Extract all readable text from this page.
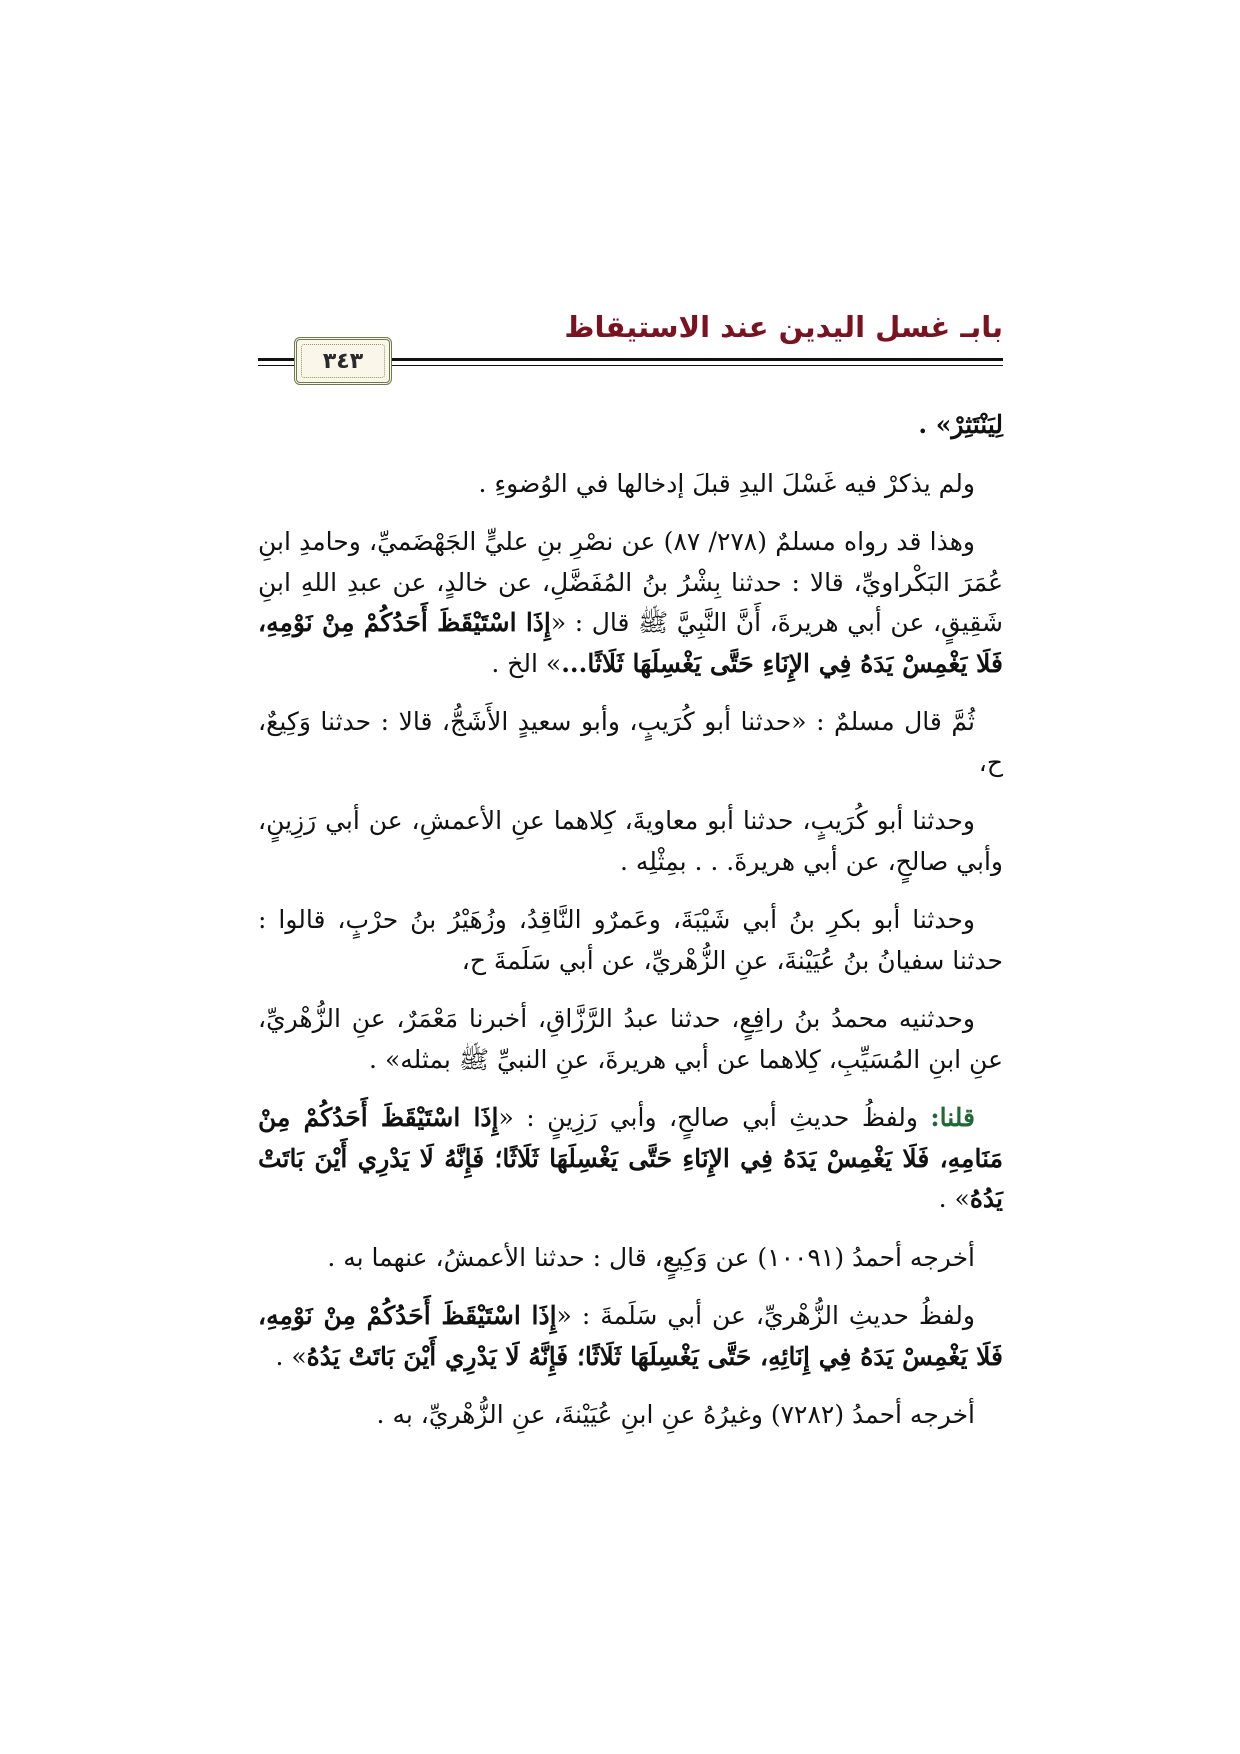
بابـ غسل اليدين عند الاستيقاظ
٣٤٣

لِيَنْتَثِرْ» .

ولم يذكرْ فيه غَسْلَ اليدِ قبلَ إدخالها في الوُضوءِ .

وهذا قد رواه مسلمٌ (٢٧٨/ ٨٧) عن نصْرِ بنِ عليٍّ الجَهْضَميِّ، وحامدِ ابنِ عُمَرَ البَكْراويِّ، قالا : حدثنا بِشْرُ بنُ المُفَضَّلِ، عن خالدٍ، عن عبدِ اللهِ ابنِ شَقِيقٍ، عن أبي هريرةَ، أَنَّ النَّبِيَّ ﷺ قال : «إِذَا اسْتَيْقَظَ أَحَدُكُمْ مِنْ نَوْمِهِ، فَلَا يَغْمِسْ يَدَهُ فِي الإِنَاءِ حَتَّى يَغْسِلَهَا ثَلَاثًا...» الخ .

ثُمَّ قال مسلمٌ : «حدثنا أبو كُرَيبٍ، وأبو سعيدٍ الأَشَجُّ، قالا : حدثنا وَكِيعٌ، ح،

وحدثنا أبو كُرَيبٍ، حدثنا أبو معاويةَ، كِلاهما عنِ الأعمشِ، عن أبي رَزِينٍ، وأبي صالحٍ، عن أبي هريرةَ. . . بمِثْلِه .

وحدثنا أبو بكرِ بنُ أبي شَيْبَةَ، وعَمرٌو النَّاقِدُ، وزُهَيْرُ بنُ حرْبٍ، قالوا : حدثنا سفيانُ بنُ عُيَيْنةَ، عنِ الزُّهْريِّ، عن أبي سَلَمةَ ح،

وحدثنيه محمدُ بنُ رافِعٍ، حدثنا عبدُ الرَّزَّاقِ، أخبرنا مَعْمَرٌ، عنِ الزُّهْريِّ، عنِ ابنِ المُسَيِّبِ، كِلاهما عن أبي هريرةَ، عنِ النبيِّ ﷺ بمثله» .

قلنا: ولفظُ حديثِ أبي صالحٍ، وأبي رَزِينٍ : «إِذَا اسْتَيْقَظَ أَحَدُكُمْ مِنْ مَنَامِهِ، فَلَا يَغْمِسْ يَدَهُ فِي الإِنَاءِ حَتَّى يَغْسِلَهَا ثَلَاثًا؛ فَإِنَّهُ لَا يَدْرِي أَيْنَ بَاتَتْ يَدُهُ» .

أخرجه أحمدُ (١٠٠٩١) عن وَكِيعٍ، قال : حدثنا الأعمشُ، عنهما به .

ولفظُ حديثِ الزُّهْريِّ، عن أبي سَلَمةَ : «إِذَا اسْتَيْقَظَ أَحَدُكُمْ مِنْ نَوْمِهِ، فَلَا يَغْمِسْ يَدَهُ فِي إِنَائِهِ، حَتَّى يَغْسِلَهَا ثَلَاثًا؛ فَإِنَّهُ لَا يَدْرِي أَيْنَ بَاتَتْ يَدُهُ» .

أخرجه أحمدُ (٧٢٨٢) وغيرُهُ عنِ ابنِ عُيَيْنةَ، عنِ الزُّهْريِّ، به .
